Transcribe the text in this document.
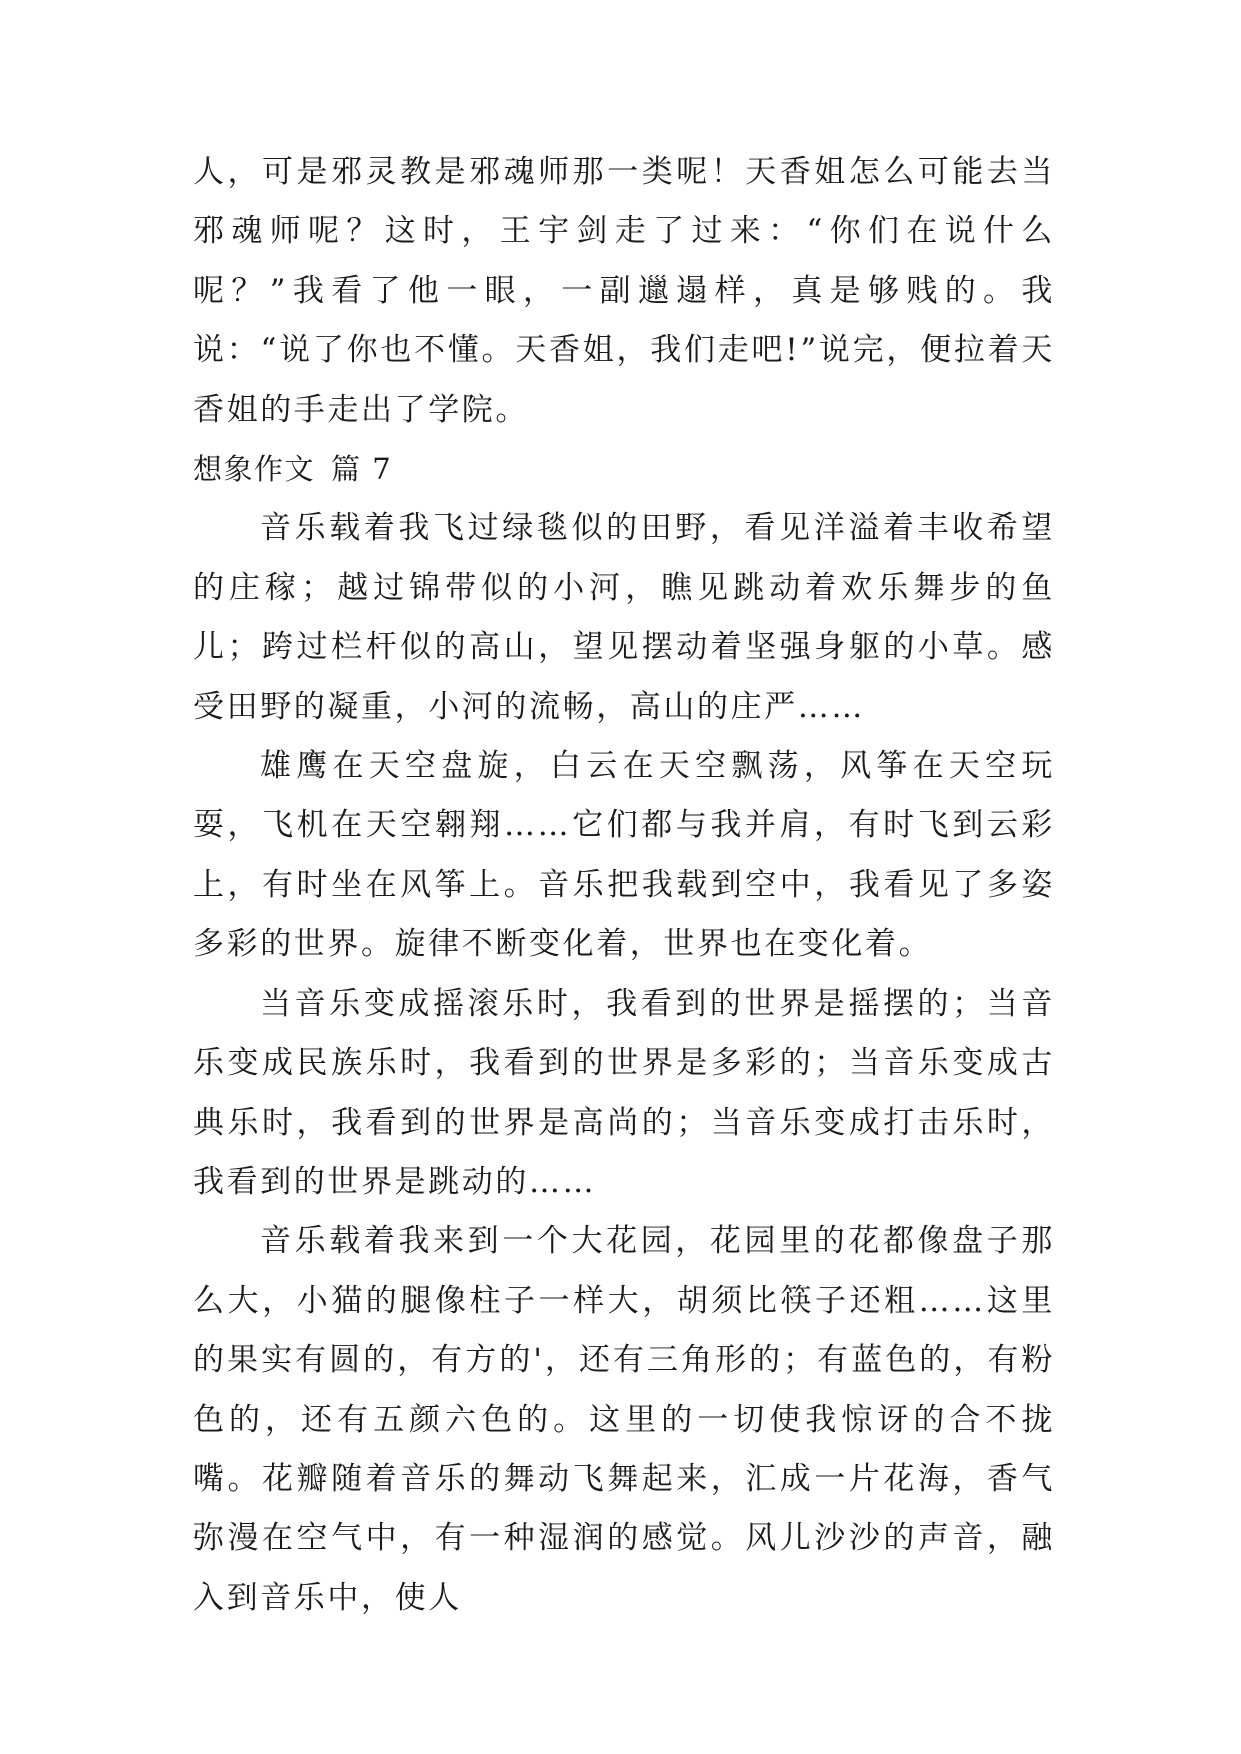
人，可是邪灵教是邪魂师那一类呢！天香姐怎么可能去当邪魂师呢？这时，王宇剑走了过来：“你们在说什么呢？”我看了他一眼，一副邋遢样，真是够贱的。我说：“说了你也不懂。天香姐，我们走吧!”说完，便拉着天香姐的手走出了学院。

想象作文 篇 7

音乐载着我飞过绿毯似的田野，看见洋溢着丰收希望的庄稼；越过锦带似的小河，瞧见跳动着欢乐舞步的鱼儿；跨过栏杆似的高山，望见摆动着坚强身躯的小草。感受田野的凝重，小河的流畅，高山的庄严……

雄鹰在天空盘旋，白云在天空飘荡，风筝在天空玩耍，飞机在天空翱翔……它们都与我并肩，有时飞到云彩上，有时坐在风筝上。音乐把我载到空中，我看见了多姿多彩的世界。旋律不断变化着，世界也在变化着。

当音乐变成摇滚乐时，我看到的世界是摇摆的；当音乐变成民族乐时，我看到的世界是多彩的；当音乐变成古典乐时，我看到的世界是高尚的；当音乐变成打击乐时，我看到的世界是跳动的……

音乐载着我来到一个大花园，花园里的花都像盘子那么大，小猫的腿像柱子一样大，胡须比筷子还粗……这里的果实有圆的，有方的'，还有三角形的；有蓝色的，有粉色的，还有五颜六色的。这里的一切使我惊讶的合不拢嘴。花瓣随着音乐的舞动飞舞起来，汇成一片花海，香气弥漫在空气中，有一种湿润的感觉。风儿沙沙的声音，融入到音乐中，使人
